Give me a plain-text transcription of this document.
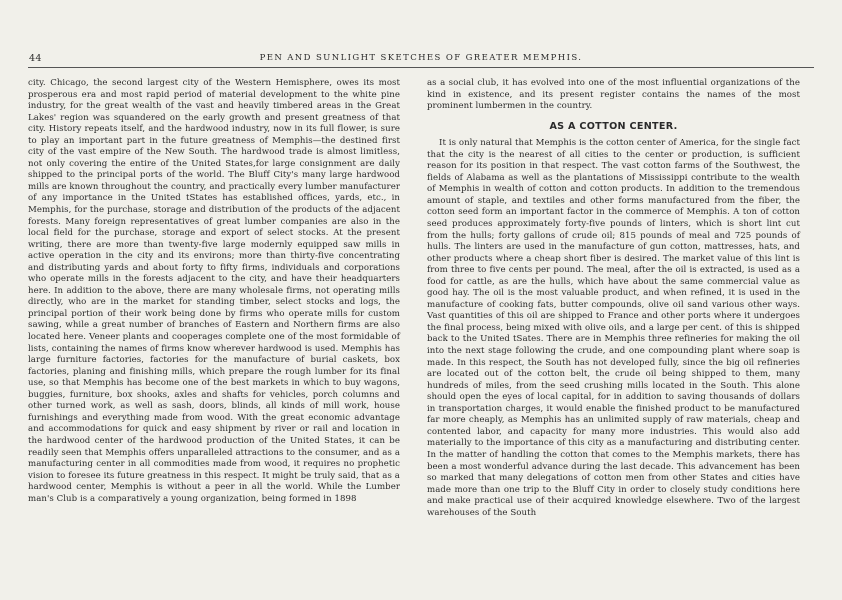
44	PEN AND SUNLIGHT SKETCHES OF GREATER MEMPHIS.

city. Chicago, the second largest city of the Western Hemisphere, owes its most prosperous era and most rapid period of material development to the white pine industry, for the great wealth of the vast and heavily timbered areas in the Great Lakes' region was squandered on the early growth and present greatness of that city. History repeats itself, and the hardwood industry, now in its full flower, is sure to play an important part in the future greatness of Memphis—the destined first city of the vast empire of the New South. The hardwood trade is almost limitless, not only covering the entire of the United States,for large consignment are daily shipped to the principal ports of the world. The Bluff City's many large hardwood mills are known throughout the country, and practically every lumber manufacturer of any importance in the United tStates has established offices, yards, etc., in Memphis, for the purchase, storage and distribution of the products of the adjacent forests. Many foreign representatives of great lumber companies are also in the local field for the purchase, storage and export of select stocks. At the present writing, there are more than twenty-five large modernly equipped saw mills in active operation in the city and its environs; more than thirty-five concentrating and distributing yards and about forty to fifty firms, individuals and corporations who operate mills in the forests adjacent to the city, and have their headquarters here. In addition to the above, there are many wholesale firms, not operating mills directly, who are in the market for standing timber, select stocks and logs, the principal portion of their work being done by firms who operate mills for custom sawing, while a great number of branches of Eastern and Northern firms are also located here. Veneer plants and cooperages complete one of the most formidable of lists, containing the names of firms know wherever hardwood is used. Memphis has large furniture factories, factories for the manufacture of burial caskets, box factories, planing and finishing mills, which prepare the rough lumber for its final use, so that Memphis has become one of the best markets in which to buy wagons, buggies, furniture, box shooks, axles and shafts for vehicles, porch columns and other turned work, as well as sash, doors, blinds, all kinds of mill work, house furnishings and everything made from wood. With the great economic advantage and accommodations for quick and easy shipment by river or rail and location in the hardwood center of the hardwood production of the United States, it can be readily seen that Memphis offers unparalleled attractions to the consumer, and as a manufacturing center in all commodities made from wood, it requires no prophetic vision to foresee its future greatness in this respect. It might be truly said, that as a hardwood center, Memphis is without a peer in all the world. While the Lumber man's Club is a comparatively a young organization, being formed in 1898

as a social club, it has evolved into one of the most influential organizations of the kind in existence, and its present register contains the names of the most prominent lumbermen in the country.

AS A COTTON CENTER.

It is only natural that Memphis is the cotton center of America, for the single fact that the city is the nearest of all cities to the center or production, is sufficient reason for its position in that respect. The vast cotton farms of the Southwest, the fields of Alabama as well as the plantations of Mississippi contribute to the wealth of Memphis in wealth of cotton and cotton products. In addition to the tremendous amount of staple, and textiles and other forms manufactured from the fiber, the cotton seed form an important factor in the commerce of Memphis. A ton of cotton seed produces approximately forty-five pounds of linters, which is short lint cut from the hulls; forty gallons of crude oil; 815 pounds of meal and 725 pounds of hulls. The linters are used in the manufacture of gun cotton, mattresses, hats, and other products where a cheap short fiber is desired. The market value of this lint is from three to five cents per pound. The meal, after the oil is extracted, is used as a food for cattle, as are the hulls, which have about the same commercial value as good hay. The oil is the most valuable product, and when refined, it is used in the manufacture of cooking fats, butter compounds, olive oil sand various other ways. Vast quantities of this oil are shipped to France and other ports where it undergoes the final process, being mixed with olive oils, and a large per cent. of this is shipped back to the United tSates. There are in Memphis three refineries for making the oil into the next stage following the crude, and one compounding plant where soap is made. In this respect, the South has not developed fully, since the big oil refineries are located out of the cotton belt, the crude oil being shipped to them, many hundreds of miles, from the seed crushing mills located in the South. This alone should open the eyes of local capital, for in addition to saving thousands of dollars in transportation charges, it would enable the finished product to be manufactured far more cheaply, as Memphis has an unlimited supply of raw materials, cheap and contented labor, and capacity for many more industries. This would also add materially to the importance of this city as a manufacturing and distributing center. In the matter of handling the cotton that comes to the Memphis markets, there has been a most wonderful advance during the last decade. This advancement has been so marked that many delegations of cotton men from other States and cities have made more than one trip to the Bluff City in order to closely study conditions here and make practical use of their acquired knowledge elsewhere. Two of the largest warehouses of the South
